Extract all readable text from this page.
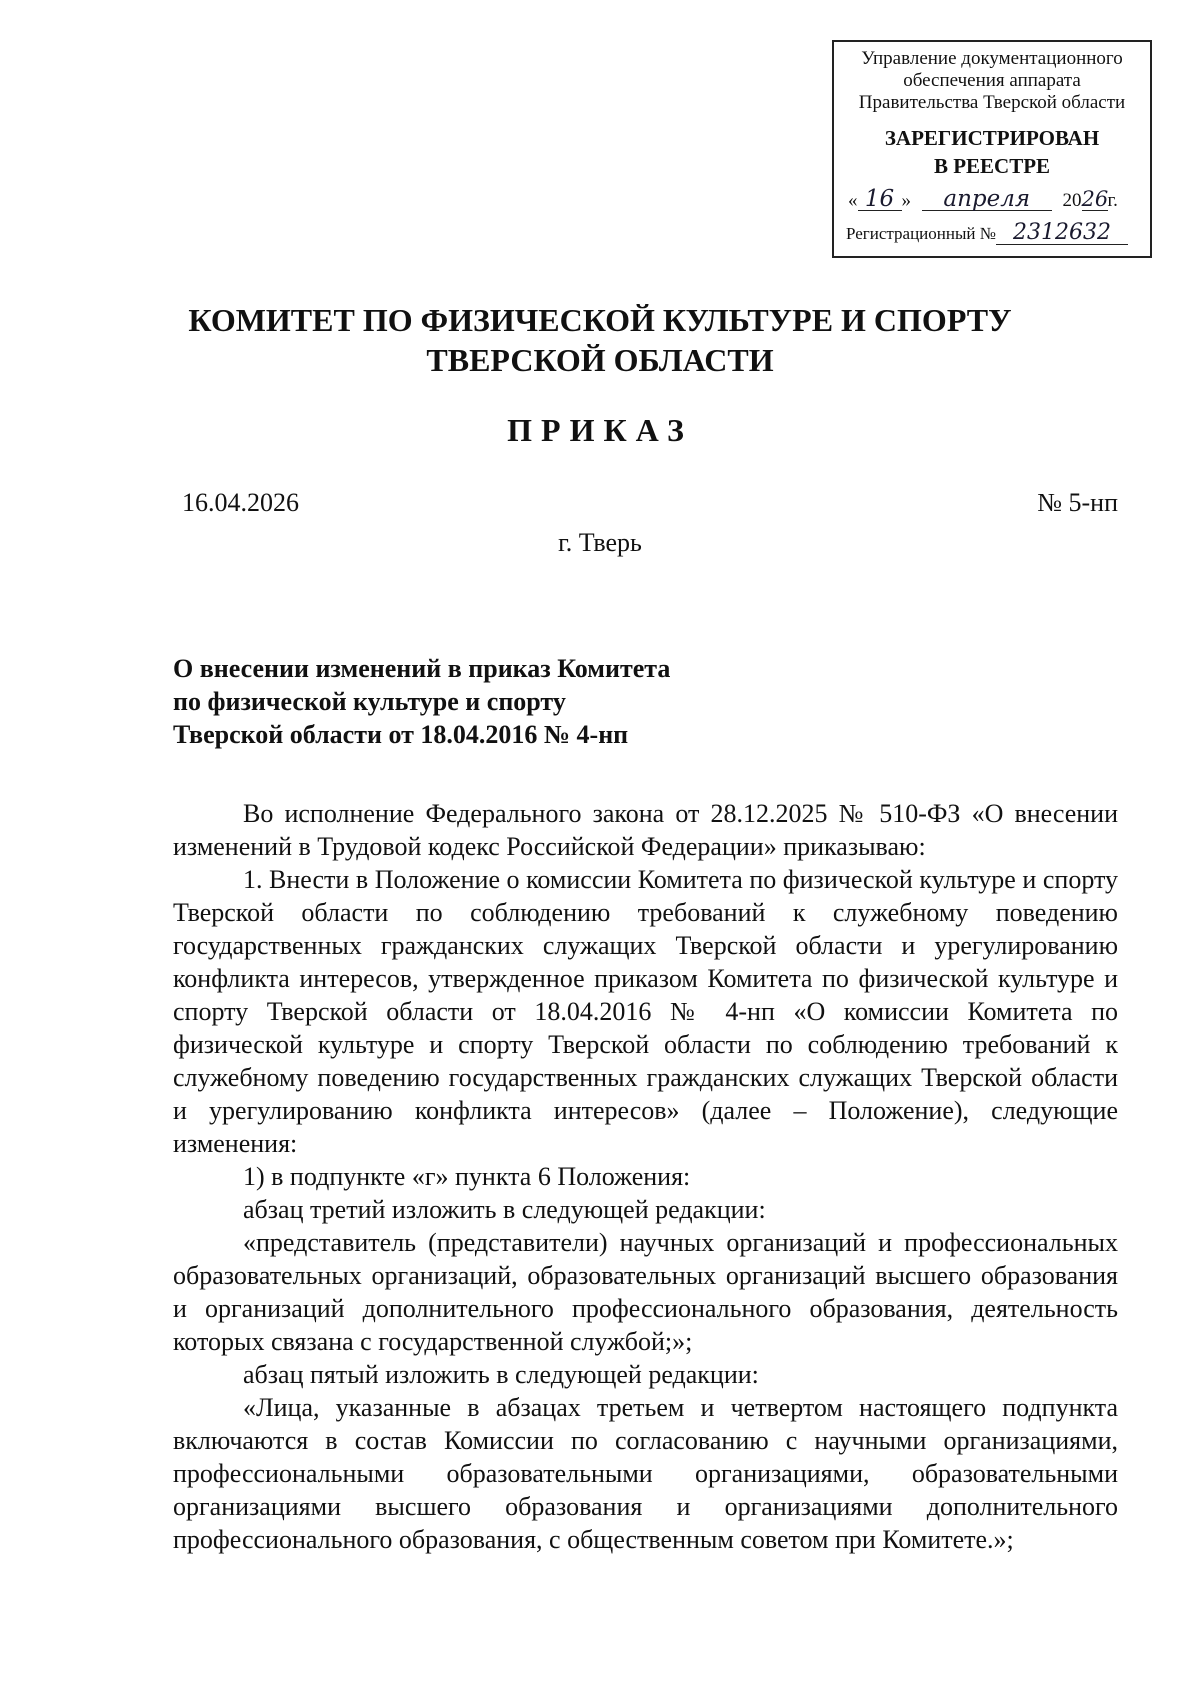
Управление документационного
обеспечения аппарата
Правительства Тверской области
ЗАРЕГИСТРИРОВАН
В РЕЕСТРЕ
« 16 » апреля 2026г.
Регистрационный № 2312632
КОМИТЕТ ПО ФИЗИЧЕСКОЙ КУЛЬТУРЕ И СПОРТУ
ТВЕРСКОЙ ОБЛАСТИ
ПРИКАЗ
16.04.2026	№ 5-нп
г. Тверь
О внесении изменений в приказ Комитета
по физической культуре и спорту
Тверской области от 18.04.2016 № 4-нп

Во исполнение Федерального закона от 28.12.2025 № 510-ФЗ «О внесении изменений в Трудовой кодекс Российской Федерации» приказываю:

1. Внести в Положение о комиссии Комитета по физической культуре и спорту Тверской области по соблюдению требований к служебному поведению государственных гражданских служащих Тверской области и урегулированию конфликта интересов, утвержденное приказом Комитета по физической культуре и спорту Тверской области от 18.04.2016 № 4-нп «О комиссии Комитета по физической культуре и спорту Тверской области по соблюдению требований к служебному поведению государственных гражданских служащих Тверской области и урегулированию конфликта интересов» (далее – Положение), следующие изменения:

1) в подпункте «г» пункта 6 Положения:

абзац третий изложить в следующей редакции:

«представитель (представители) научных организаций и профессиональных образовательных организаций, образовательных организаций высшего образования и организаций дополнительного профессионального образования, деятельность которых связана с государственной службой;»;

абзац пятый изложить в следующей редакции:

«Лица, указанные в абзацах третьем и четвертом настоящего подпункта включаются в состав Комиссии по согласованию с научными организациями, профессиональными образовательными организациями, образовательными организациями высшего образования и организациями дополнительного профессионального образования, с общественным советом при Комитете.»;
